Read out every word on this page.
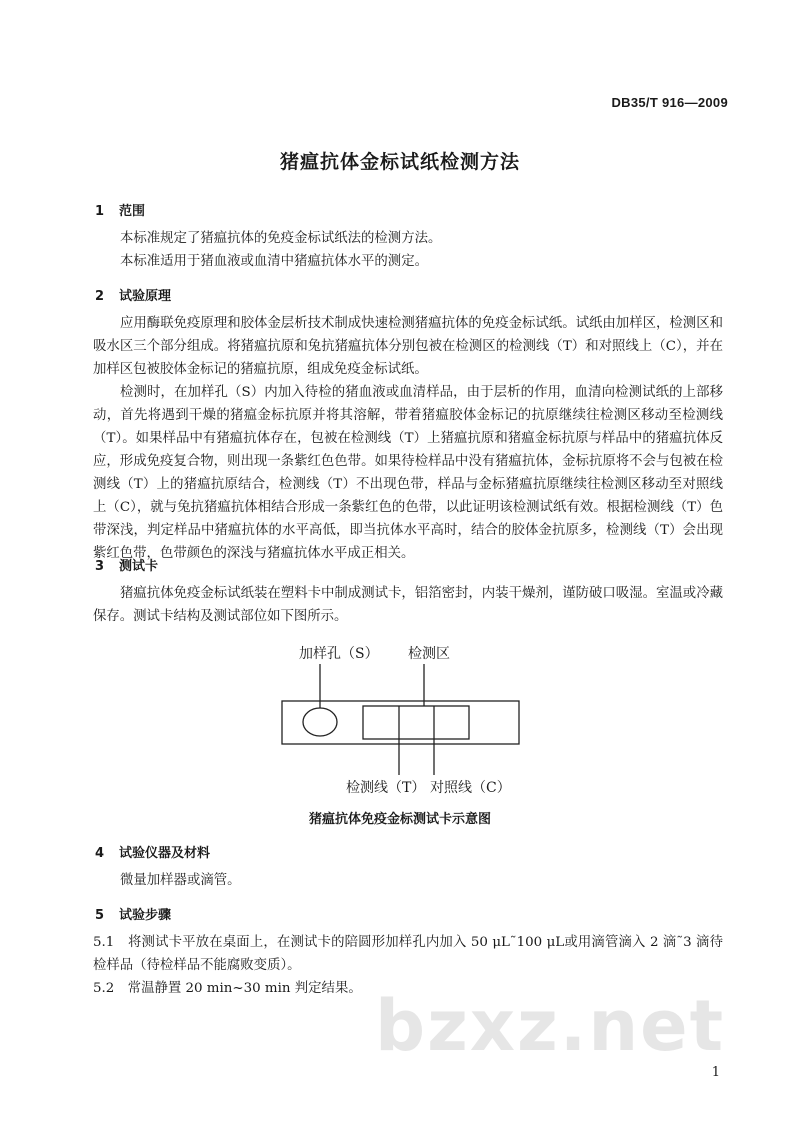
DB35/T 916—2009
猪瘟抗体金标试纸检测方法
1 范围
本标准规定了猪瘟抗体的免疫金标试纸法的检测方法。
本标准适用于猪血液或血清中猪瘟抗体水平的测定。
2 试验原理
应用酶联免疫原理和胶体金层析技术制成快速检测猪瘟抗体的免疫金标试纸。试纸由加样区，检测区和吸水区三个部分组成。将猪瘟抗原和兔抗猪瘟抗体分别包被在检测区的检测线（T）和对照线上（C），并在加样区包被胶体金标记的猪瘟抗原，组成免疫金标试纸。
检测时，在加样孔（S）内加入待检的猪血液或血清样品，由于层析的作用，血清向检测试纸的上部移动，首先将遇到干燥的猪瘟金标抗原并将其溶解，带着猪瘟胶体金标记的抗原继续往检测区移动至检测线（T）。如果样品中有猪瘟抗体存在，包被在检测线（T）上猪瘟抗原和猪瘟金标抗原与样品中的猪瘟抗体反应，形成免疫复合物，则出现一条紫红色色带。如果待检样品中没有猪瘟抗体，金标抗原将不会与包被在检测线（T）上的猪瘟抗原结合，检测线（T）不出现色带，样品与金标猪瘟抗原继续往检测区移动至对照线上（C），就与兔抗猪瘟抗体相结合形成一条紫红色的色带，以此证明该检测试纸有效。根据检测线（T）色带深浅，判定样品中猪瘟抗体的水平高低，即当抗体水平高时，结合的胶体金抗原多，检测线（T）会出现紫红色带，色带颜色的深浅与猪瘟抗体水平成正相关。
3 测试卡
猪瘟抗体免疫金标试纸装在塑料卡中制成测试卡，铝箔密封，内装干燥剂，谨防破口吸湿。室温或冷藏保存。测试卡结构及测试部位如下图所示。
加样孔（S） 检测区
检测线（T） 对照线（C）
猪瘟抗体免疫金标测试卡示意图
4 试验仪器及材料
微量加样器或滴管。
5 试验步骤
5.1　将测试卡平放在桌面上，在测试卡的陪圆形加样孔内加入 50 μL˜100 μL或用滴管滴入 2 滴˜3 滴待检样品（待检样品不能腐败变质）。
5.2　常温静置 20 min~30 min 判定结果。 bzxz.net
1
